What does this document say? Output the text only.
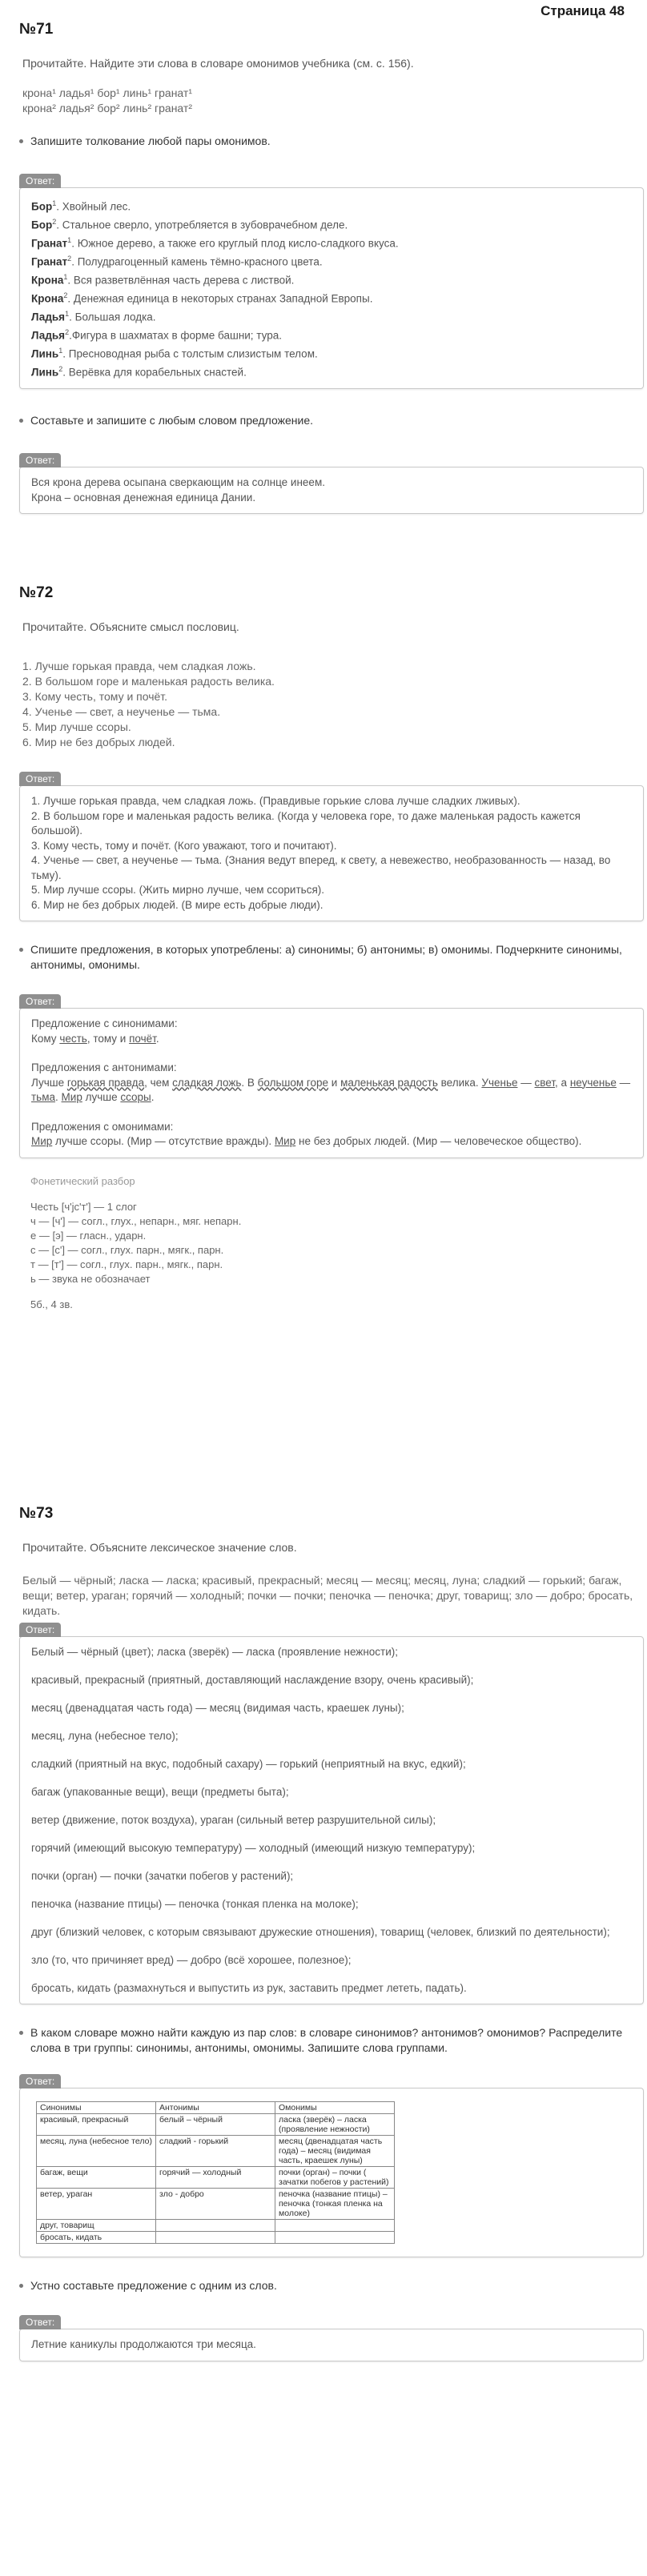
Страница 48
№71
Прочитайте. Найдите эти слова в словаре омонимов учебника (см. с. 156).
крона¹ ладья¹ бор¹ линь¹ гранат¹
крона² ладья² бор² линь² гранат²
Запишите толкование любой пары омонимов.
Ответ:
Бор$^1$. Хвойный лес.
Бор$^2$. Стальное сверло, употребляется в зубоврачебном деле.
Гранат$^1$. Южное дерево, а также его круглый плод кисло-сладкого вкуса.
Гранат$^2$. Полудрагоценный камень тёмно-красного цвета.
Крона$^1$. Вся разветвлённая часть дерева с листвой.
Крона$^2$. Денежная единица в некоторых странах Западной Европы.
Ладья$^1$. Большая лодка.
Ладья$^2$.Фигура в шахматах в форме башни; тура.
Линь$^1$. Пресноводная рыба с толстым слизистым телом.
Линь$^2$. Верёвка для корабельных снастей.
Составьте и запишите с любым словом предложение.
Ответ:
Вся крона дерева осыпана сверкающим на солнце инеем.
Крона – основная денежная единица Дании.
№72
Прочитайте. Объясните смысл пословиц.
1. Лучше горькая правда, чем сладкая ложь.
2. В большом горе и маленькая радость велика.
3. Кому честь, тому и почёт.
4. Ученье — свет, а неученье — тьма.
5. Мир лучше ссоры.
6. Мир не без добрых людей.
Ответ:
1. Лучше горькая правда, чем сладкая ложь. (Правдивые горькие слова лучше сладких лживых).
2. В большом горе и маленькая радость велика. (Когда у человека горе, то даже маленькая радость кажется большой).
3. Кому честь, тому и почёт. (Кого уважают, того и почитают).
4. Ученье — свет, а неученье — тьма. (Знания ведут вперед, к свету, а невежество, необразованность — назад, во тьму).
5. Мир лучше ссоры. (Жить мирно лучше, чем ссориться).
6. Мир не без добрых людей. (В мире есть добрые люди).
Спишите предложения, в которых употреблены: а) синонимы; б) антонимы; в) омонимы. Подчеркните синонимы, антонимы, омонимы.
Ответ:
Предложение с синонимами:
Кому честь, тому и почёт.
Предложения с антонимами:
Лучше горькая правда, чем сладкая ложь. В большом горе и маленькая радость велика. Ученье — свет, а неученье — тьма. Мир лучше ссоры.
Предложения с омонимами:
Мир лучше ссоры. (Мир — отсутствие вражды). Мир не без добрых людей. (Мир — человеческое общество).
Фонетический разбор
Честь [ч'јс'т'] — 1 слог
ч — [ч'] — согл., глух., непарн., мяг. непарн.
е — [э] — гласн., ударн.
с — [с'] — согл., глух. парн., мягк., парн.
т — [т'] — согл., глух. парн., мягк., парн.
ь — звука не обозначает
5б., 4 зв.
№73
Прочитайте. Объясните лексическое значение слов.
Белый — чёрный; ласка — ласка; красивый, прекрасный; месяц — месяц; месяц, луна; сладкий — горький; багаж, вещи; ветер, ураган; горячий — холодный; почки — почки; пеночка — пеночка; друг, товарищ; зло — добро; бросать, кидать.
Ответ:
Белый — чёрный (цвет); ласка (зверёк) — ласка (проявление нежности);
красивый, прекрасный (приятный, доставляющий наслаждение взору, очень красивый);
месяц (двенадцатая часть года) — месяц (видимая часть, краешек луны);
месяц, луна (небесное тело);
сладкий (приятный на вкус, подобный сахару) — горький (неприятный на вкус, едкий);
багаж (упакованные вещи), вещи (предметы быта);
ветер (движение, поток воздуха), ураган (сильный ветер разрушительной силы);
горячий (имеющий высокую температуру) — холодный (имеющий низкую температуру);
почки (орган) — почки (зачатки побегов у растений);
пеночка (название птицы) — пеночка (тонкая пленка на молоке);
друг (близкий человек, с которым связывают дружеские отношения), товарищ (человек, близкий по деятельности);
зло (то, что причиняет вред) — добро (всё хорошее, полезное);
бросать, кидать (размахнуться и выпустить из рук, заставить предмет лететь, падать).
В каком словаре можно найти каждую из пар слов: в словаре синонимов? антонимов? омонимов? Распределите слова в три группы: синонимы, антонимы, омонимы. Запишите слова группами.
Ответ:
Синонимы	Антонимы	Омонимы
красивый, прекрасный	белый – чёрный	ласка (зверёк) – ласка (проявление нежности)
месяц, луна (небесное тело)	сладкий - горький	месяц (двенадцатая часть года) – месяц (видимая часть, краешек луны)
багаж, вещи	горячий — холодный	почки (орган) – почки ( зачатки побегов у растений)
ветер, ураган	зло - добро	пеночка (название птицы) – пеночка (тонкая пленка на молоке)
друг, товарищ		
бросать, кидать		
Устно составьте предложение с одним из слов.
Ответ:
Летние каникулы продолжаются три месяца.
